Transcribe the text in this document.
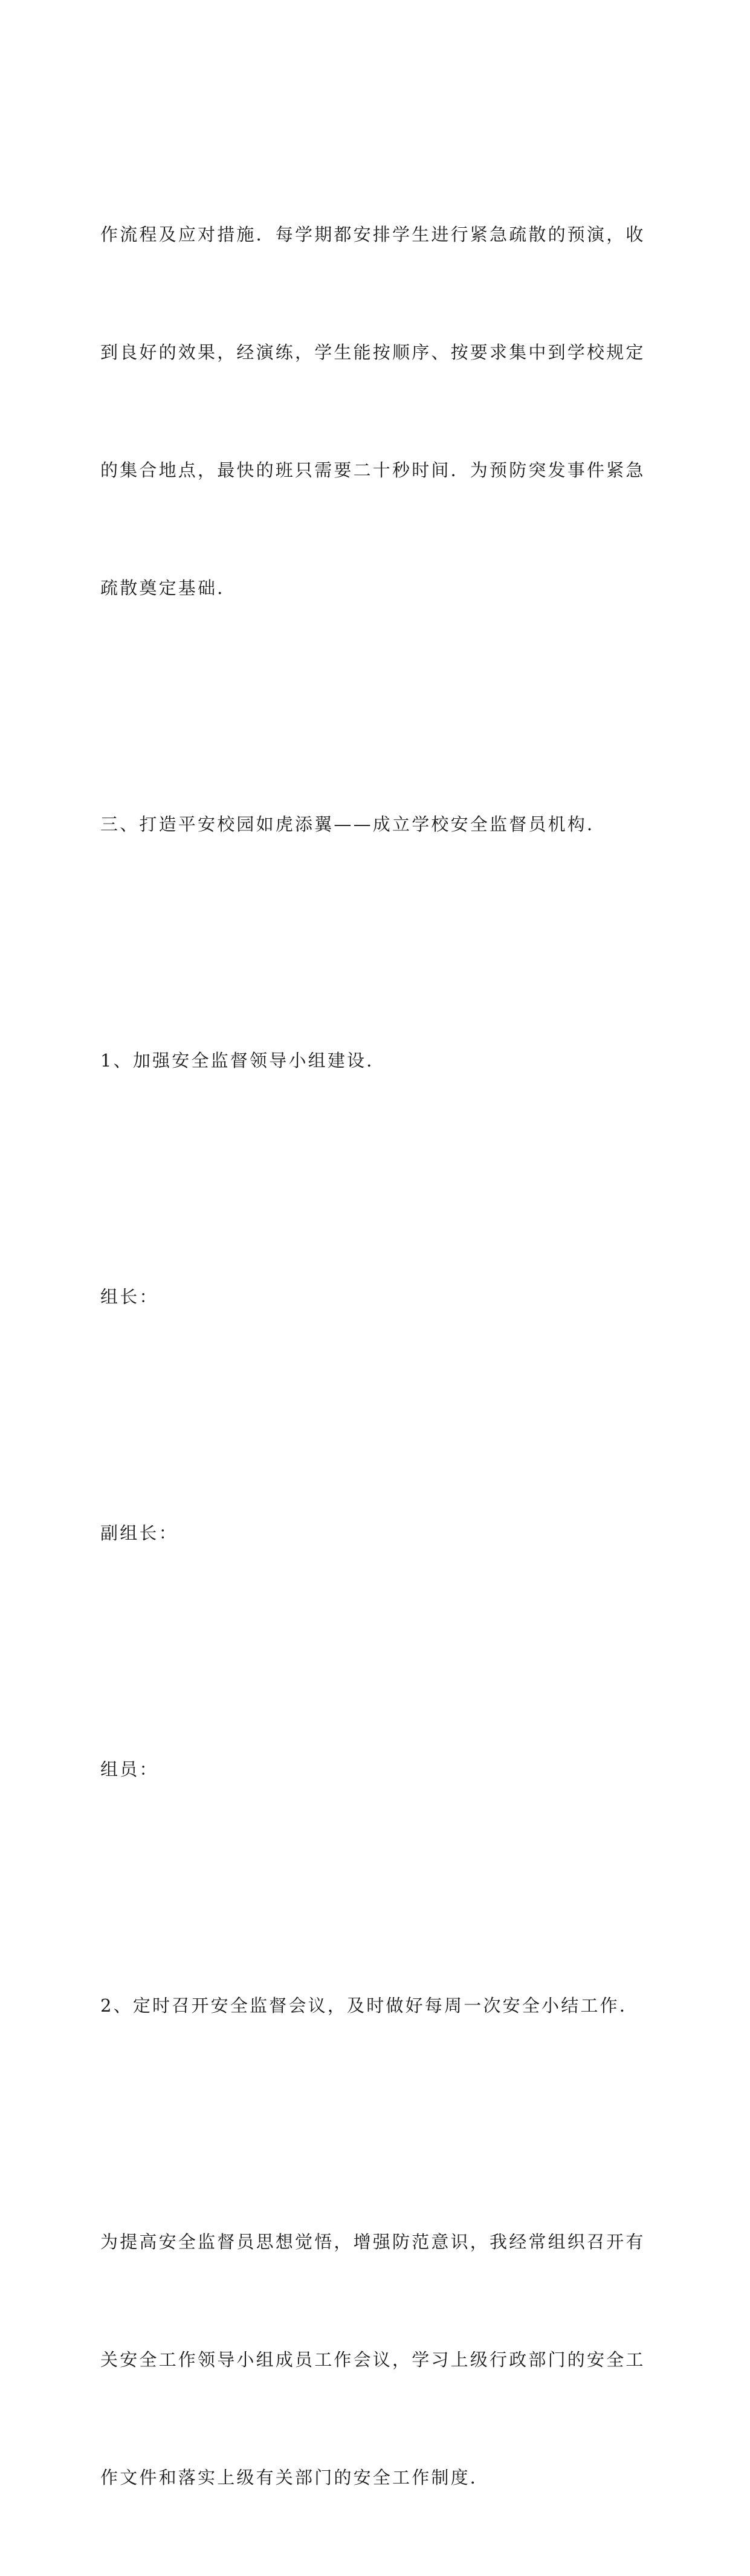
作流程及应对措施．每学期都安排学生进行紧急疏散的预演，收

到良好的效果，经演练，学生能按顺序、按要求集中到学校规定

的集合地点，最快的班只需要二十秒时间．为预防突发事件紧急

疏散奠定基础．

三、打造平安校园如虎添翼——成立学校安全监督员机构．

1、加强安全监督领导小组建设．

组长：

副组长：

组员：

2、定时召开安全监督会议，及时做好每周一次安全小结工作．

为提高安全监督员思想觉悟，增强防范意识，我经常组织召开有

关安全工作领导小组成员工作会议，学习上级行政部门的安全工

作文件和落实上级有关部门的安全工作制度．
